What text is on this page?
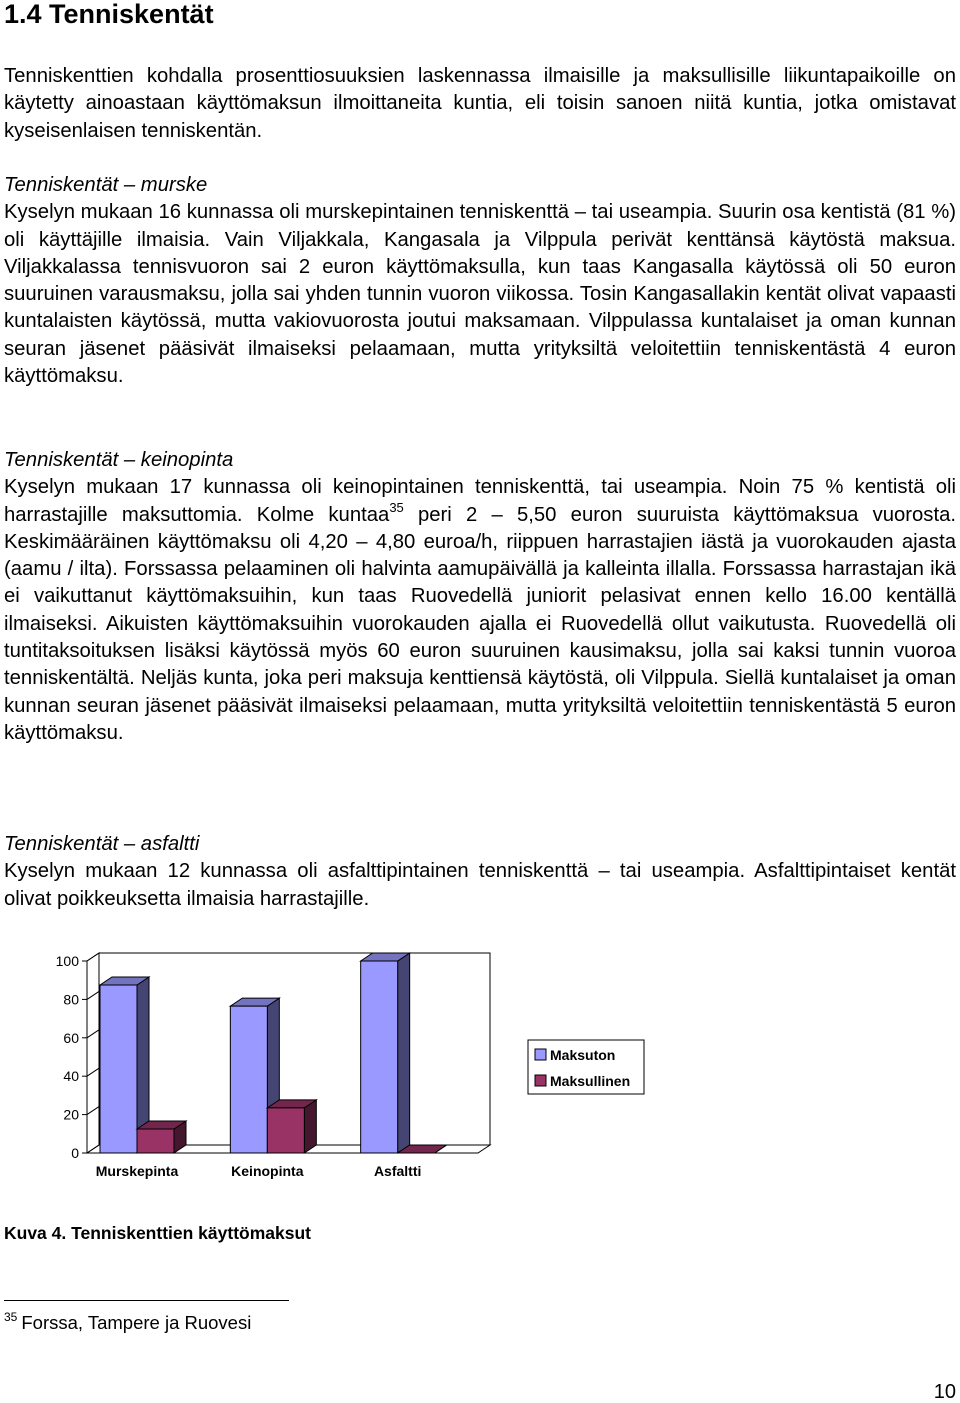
1.4 Tenniskentät

Tenniskenttien kohdalla prosenttiosuuksien laskennassa ilmaisille ja maksullisille liikuntapaikoille on käytetty ainoastaan käyttömaksun ilmoittaneita kuntia, eli toisin sanoen niitä kuntia, jotka omistavat kyseisenlaisen tenniskentän.

Tenniskentät – murske
Kyselyn mukaan 16 kunnassa oli murskepintainen tenniskenttä – tai useampia. Suurin osa kentistä (81 %) oli käyttäjille ilmaisia. Vain Viljakkala, Kangasala ja Vilppula perivät kenttänsä käytöstä maksua. Viljakkalassa tennisvuoron sai 2 euron käyttömaksulla, kun taas Kangasalla käytössä oli 50 euron suuruinen varausmaksu, jolla sai yhden tunnin vuoron viikossa. Tosin Kangasallakin kentät olivat vapaasti kuntalaisten käytössä, mutta vakiovuorosta joutui maksamaan. Vilppulassa kuntalaiset ja oman kunnan seuran jäsenet pääsivät ilmaiseksi pelaamaan, mutta yrityksiltä veloitettiin tenniskentästä 4 euron käyttömaksu.

Tenniskentät – keinopinta
Kyselyn mukaan 17 kunnassa oli keinopintainen tenniskenttä, tai useampia. Noin 75 % kentistä oli harrastajille maksuttomia. Kolme kuntaa$^{35}$ peri 2 – 5,50 euron suuruista käyttömaksua vuorosta. Keskimääräinen käyttömaksu oli 4,20 – 4,80 euroa/h, riippuen harrastajien iästä ja vuorokauden ajasta (aamu / ilta). Forssassa pelaaminen oli halvinta aamupäivällä ja kalleinta illalla. Forssassa harrastajan ikä ei vaikuttanut käyttömaksuihin, kun taas Ruovedellä juniorit pelasivat ennen kello 16.00 kentällä ilmaiseksi. Aikuisten käyttömaksuihin vuorokauden ajalla ei Ruovedellä ollut vaikutusta. Ruovedellä oli tuntitaksoituksen lisäksi käytössä myös 60 euron suuruinen kausimaksu, jolla sai kaksi tunnin vuoroa tenniskentältä. Neljäs kunta, joka peri maksuja kenttiensä käytöstä, oli Vilppula. Siellä kuntalaiset ja oman kunnan seuran jäsenet pääsivät ilmaiseksi pelaamaan, mutta yrityksiltä veloitettiin tenniskentästä 5 euron käyttömaksu.

Tenniskentät – asfaltti
Kyselyn mukaan 12 kunnassa oli asfalttipintainen tenniskenttä – tai useampia. Asfalttipintaiset kentät olivat poikkeuksetta ilmaisia harrastajille.

0
20
40
60
80
100
Murskepinta	Keinopinta	Asfaltti
Maksuton
Maksullinen

Kuva 4. Tenniskenttien käyttömaksut

$^{35}$ Forssa, Tampere ja Ruovesi

10
